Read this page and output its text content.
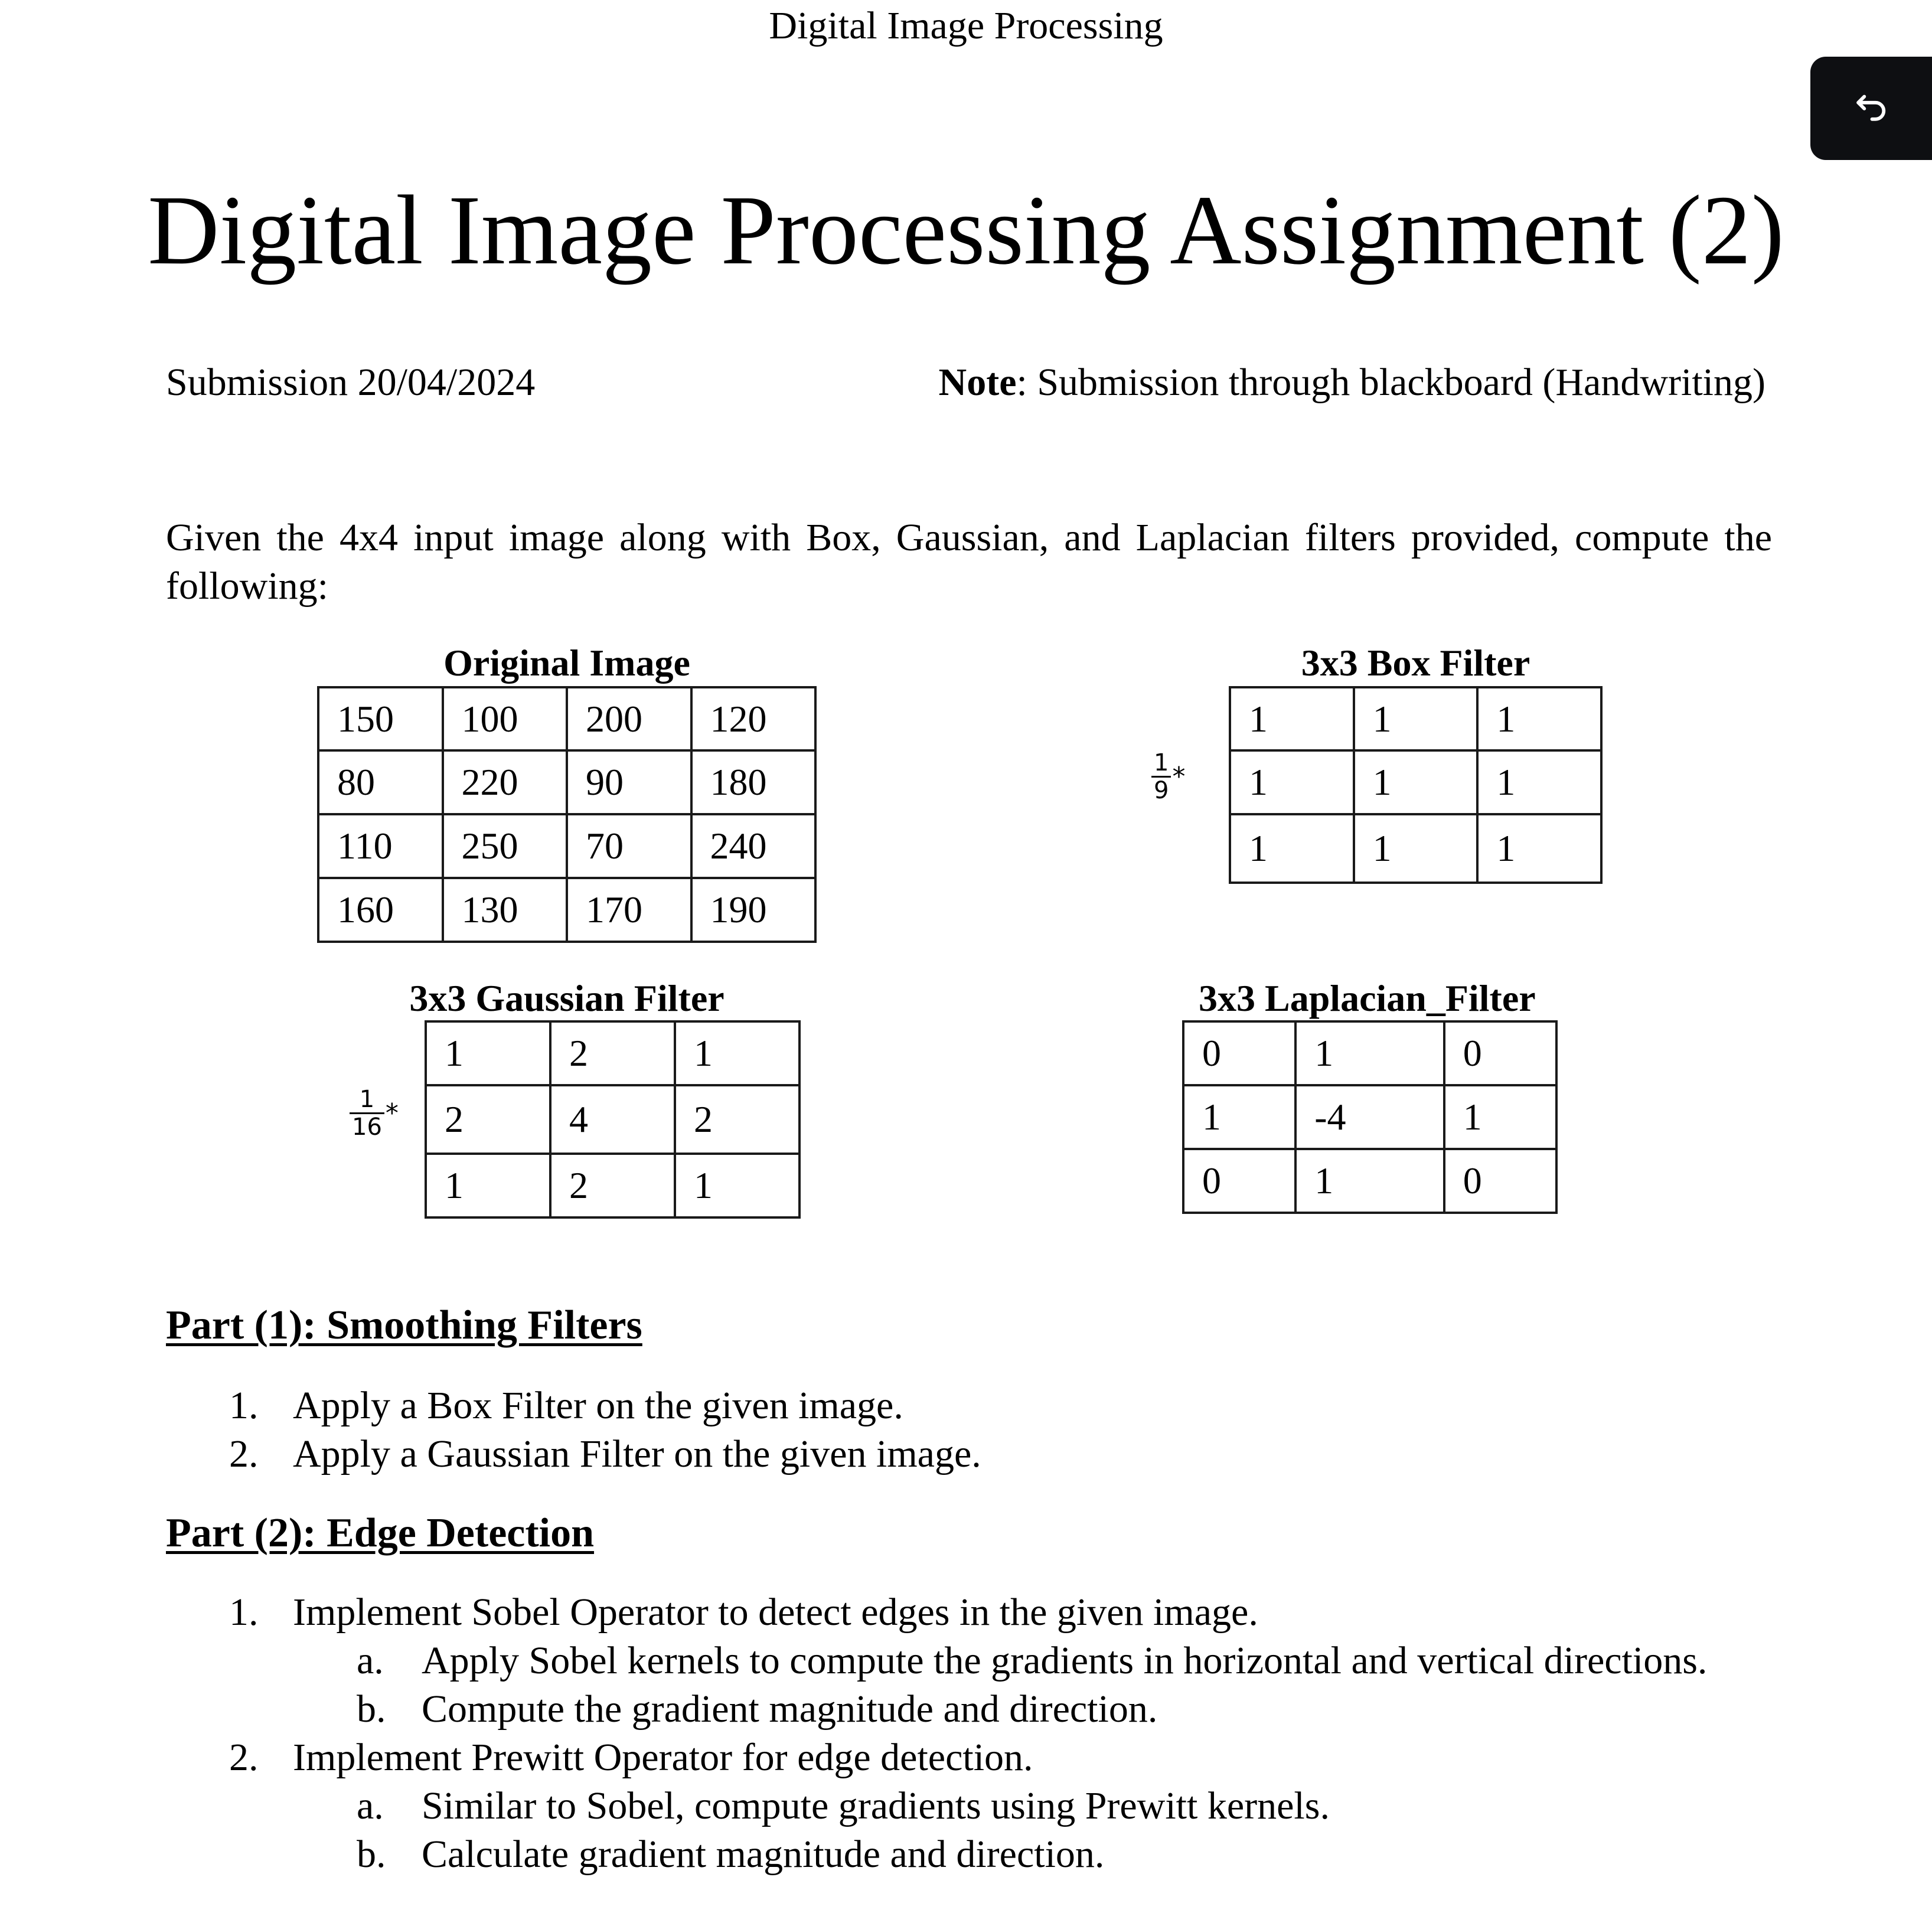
Digital Image Processing
Digital Image Processing Assignment (2)
Submission 20/04/2024	Note: Submission through blackboard (Handwriting)
Given the 4x4 input image along with Box, Gaussian, and Laplacian filters provided, compute the following:
Original Image
150	100	200	120
80	220	90	180
110	250	70	240
160	130	170	190
3x3 Box Filter
$\frac{1}{9}$ *
1	1	1
1	1	1
1	1	1
3x3 Gaussian Filter
$\frac{1}{16}$ *
1	2	1
2	4	2
1	2	1
3x3 Laplacian_Filter
0	1	0
1	-4	1
0	1	0
Part (1): Smoothing Filters
1. Apply a Box Filter on the given image.
2. Apply a Gaussian Filter on the given image.
Part (2): Edge Detection
1. Implement Sobel Operator to detect edges in the given image.
a. Apply Sobel kernels to compute the gradients in horizontal and vertical directions.
b. Compute the gradient magnitude and direction.
2. Implement Prewitt Operator for edge detection.
a. Similar to Sobel, compute gradients using Prewitt kernels.
b. Calculate gradient magnitude and direction.
